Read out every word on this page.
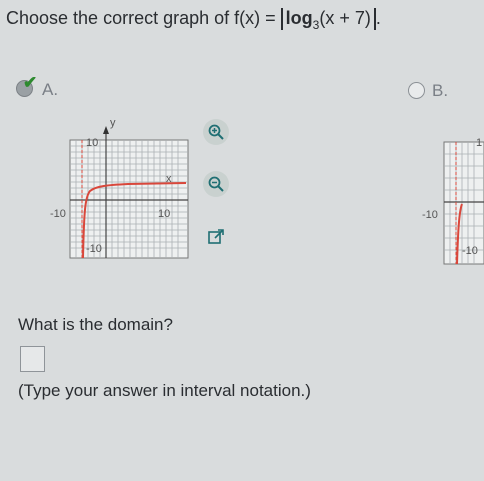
Choose the correct graph of $f(x) = \log_3(x + 7)$ .
✔ A.	B.
y
x
10
-10
-10	10
1
-10
-10
What is the domain?
(Type your answer in interval notation.)
